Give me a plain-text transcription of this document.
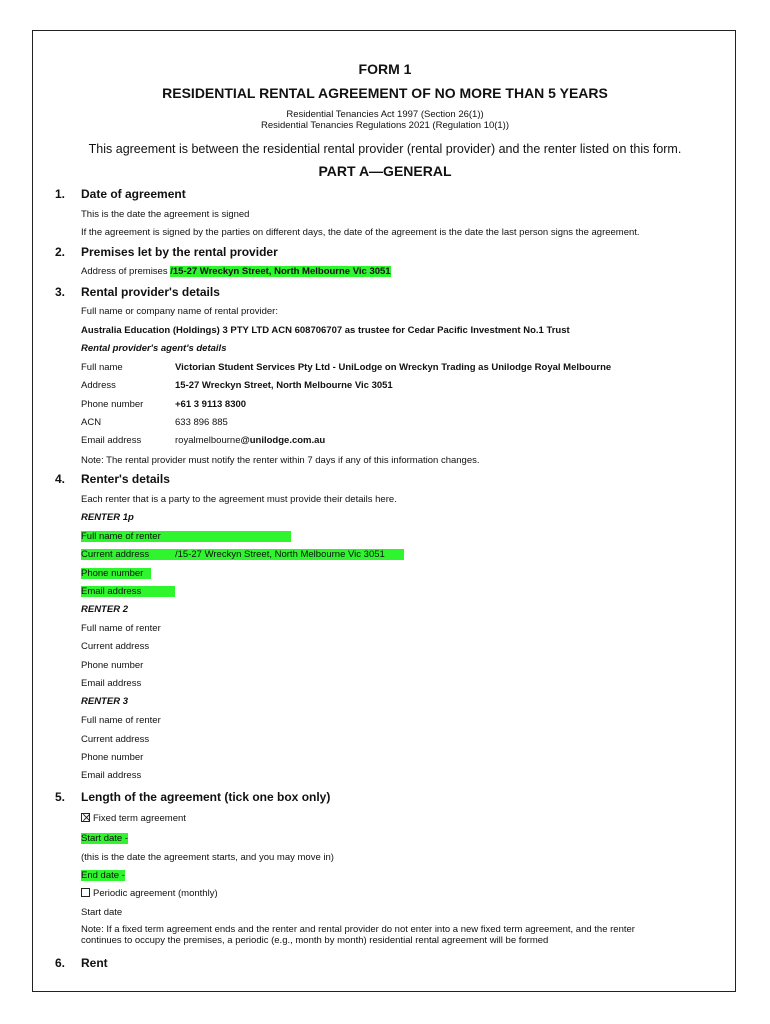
FORM 1
RESIDENTIAL RENTAL AGREEMENT OF NO MORE THAN 5 YEARS
Residential Tenancies Act 1997 (Section 26(1))
Residential Tenancies Regulations 2021 (Regulation 10(1))
This agreement is between the residential rental provider (rental provider) and the renter listed on this form.
PART A—GENERAL
1. Date of agreement
This is the date the agreement is signed
If the agreement is signed by the parties on different days, the date of the agreement is the date the last person signs the agreement.
2. Premises let by the rental provider
Address of premises /15-27 Wreckyn Street, North Melbourne Vic 3051
3. Rental provider's details
Full name or company name of rental provider:
Australia Education (Holdings) 3 PTY LTD ACN 608706707 as trustee for Cedar Pacific Investment No.1 Trust
Rental provider's agent's details
Full name	Victorian Student Services Pty Ltd - UniLodge on Wreckyn Trading as Unilodge Royal Melbourne
Address	15-27 Wreckyn Street, North Melbourne Vic 3051
Phone number	+61 3 9113 8300
ACN	633 896 885
Email address	royalmelbourne@unilodge.com.au
Note: The rental provider must notify the renter within 7 days if any of this information changes.
4. Renter's details
Each renter that is a party to the agreement must provide their details here.
RENTER 1p
Full name of renter
Current address	/15-27 Wreckyn Street, North Melbourne Vic 3051
Phone number
Email address
RENTER 2
Full name of renter
Current address
Phone number
Email address
RENTER 3
Full name of renter
Current address
Phone number
Email address
5. Length of the agreement (tick one box only)
Fixed term agreement
Start date -
(this is the date the agreement starts, and you may move in)
End date -
Periodic agreement (monthly)
Start date
Note: If a fixed term agreement ends and the renter and rental provider do not enter into a new fixed term agreement, and the renter
continues to occupy the premises, a periodic (e.g., month by month) residential rental agreement will be formed
6. Rent
